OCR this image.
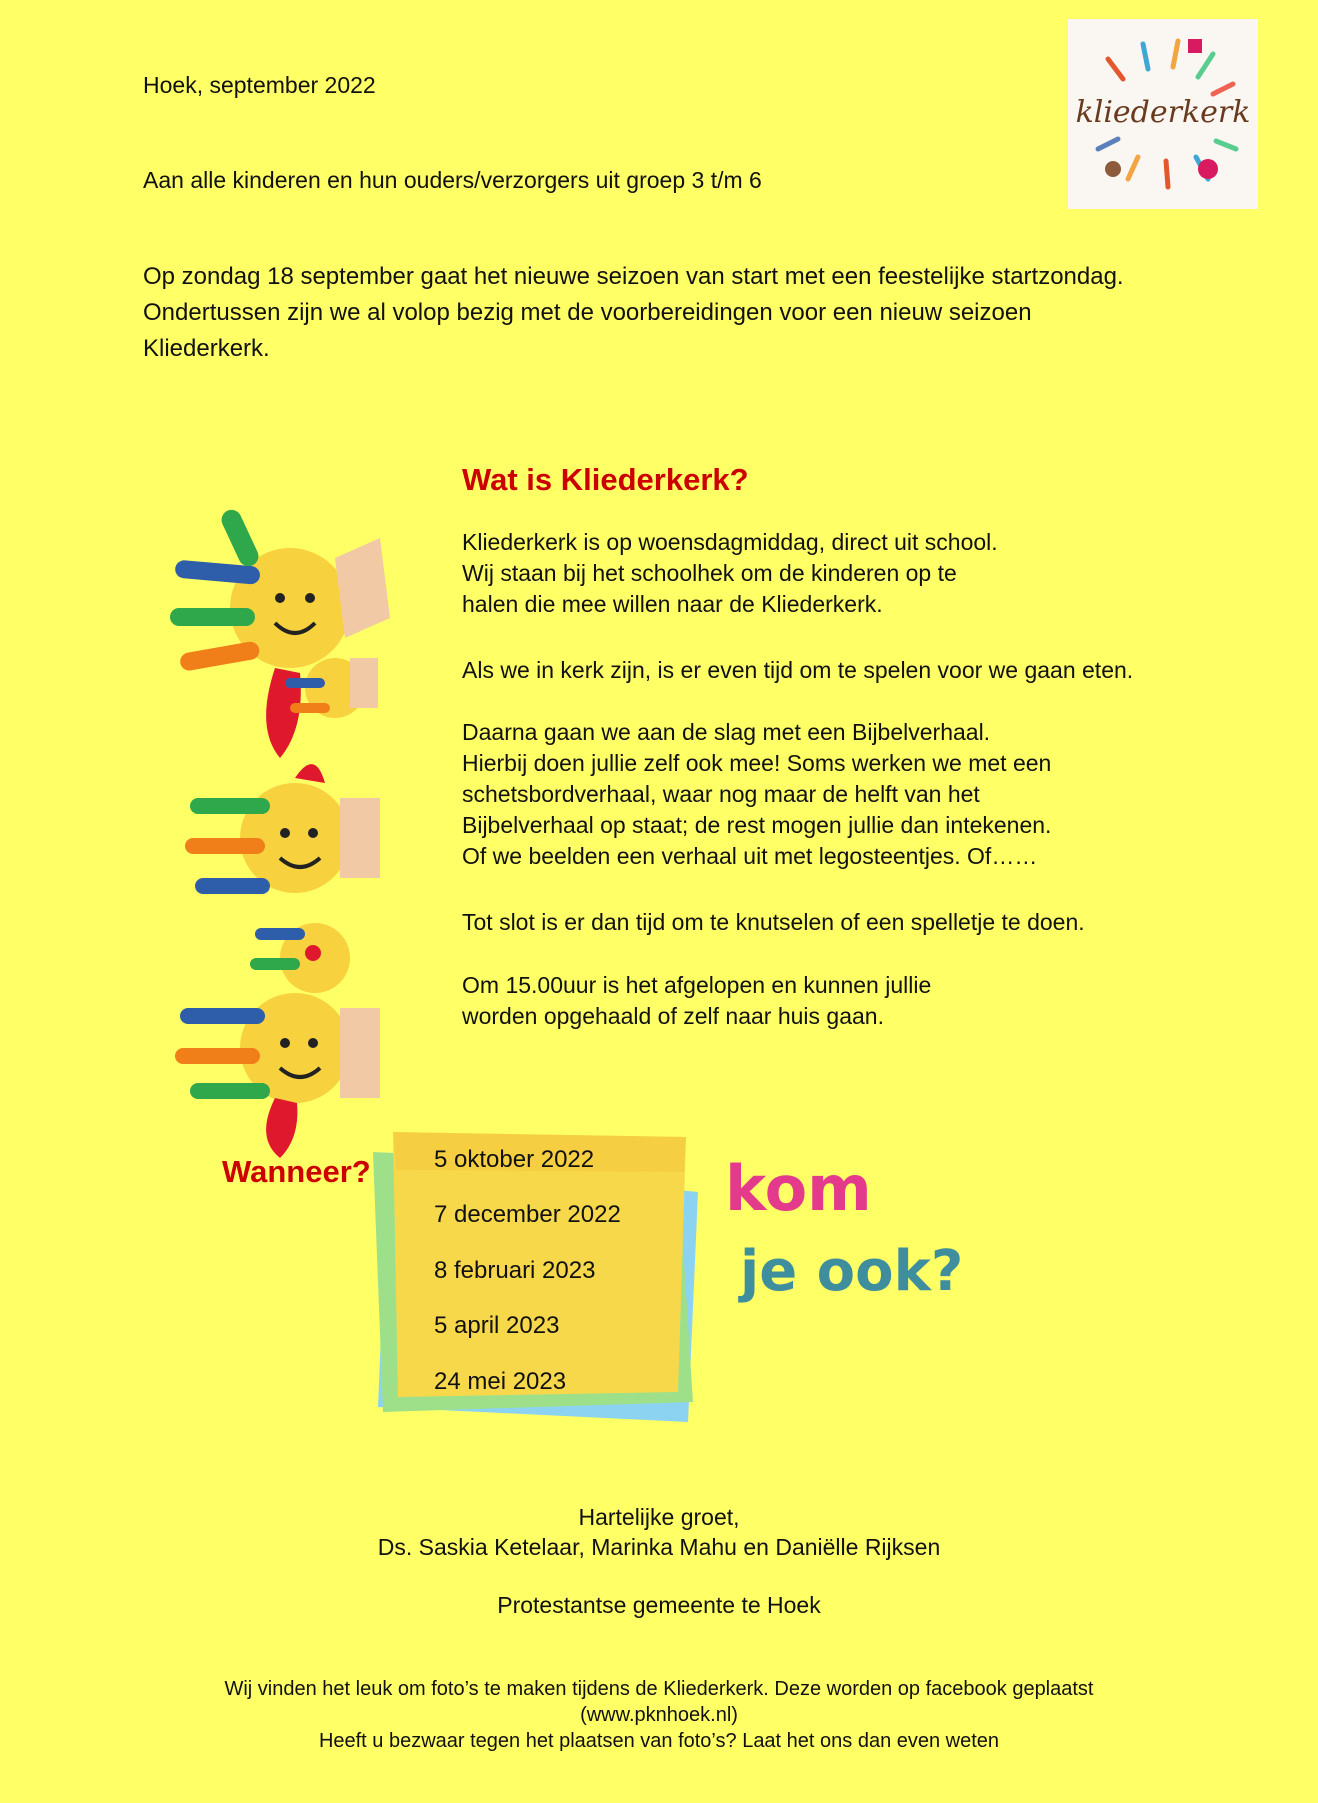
Hoek, september 2022
Aan alle kinderen en hun ouders/verzorgers uit groep 3 t/m 6
kliederkerk
Op zondag 18 september gaat het nieuwe seizoen van start met een feestelijke startzondag.
Ondertussen zijn we al volop bezig met de voorbereidingen voor een nieuw seizoen
Kliederkerk.
Wat is Kliederkerk?
Kliederkerk is op woensdagmiddag, direct uit school.
Wij staan bij het schoolhek om de kinderen op te
halen die mee willen naar de Kliederkerk.
Als we in kerk zijn, is er even tijd om te spelen voor we gaan eten.
Daarna gaan we aan de slag met een Bijbelverhaal.
Hierbij doen jullie zelf ook mee! Soms werken we met een
schetsbordverhaal, waar nog maar de helft van het
Bijbelverhaal op staat; de rest mogen jullie dan intekenen.
Of we beelden een verhaal uit met legosteentjes. Of……
Tot slot is er dan tijd om te knutselen of een spelletje te doen.
Om 15.00uur is het afgelopen en kunnen jullie
worden opgehaald of zelf naar huis gaan.
Wanneer?	5 oktober 2022
7 december 2022
8 februari 2023
5 april 2023
24 mei 2023
kom
je ook?
Hartelijke groet,
Ds. Saskia Ketelaar, Marinka Mahu en Daniëlle Rijksen
Protestantse gemeente te Hoek
Wij vinden het leuk om foto’s te maken tijdens de Kliederkerk. Deze worden op facebook geplaatst
(www.pknhoek.nl)
Heeft u bezwaar tegen het plaatsen van foto’s? Laat het ons dan even weten
